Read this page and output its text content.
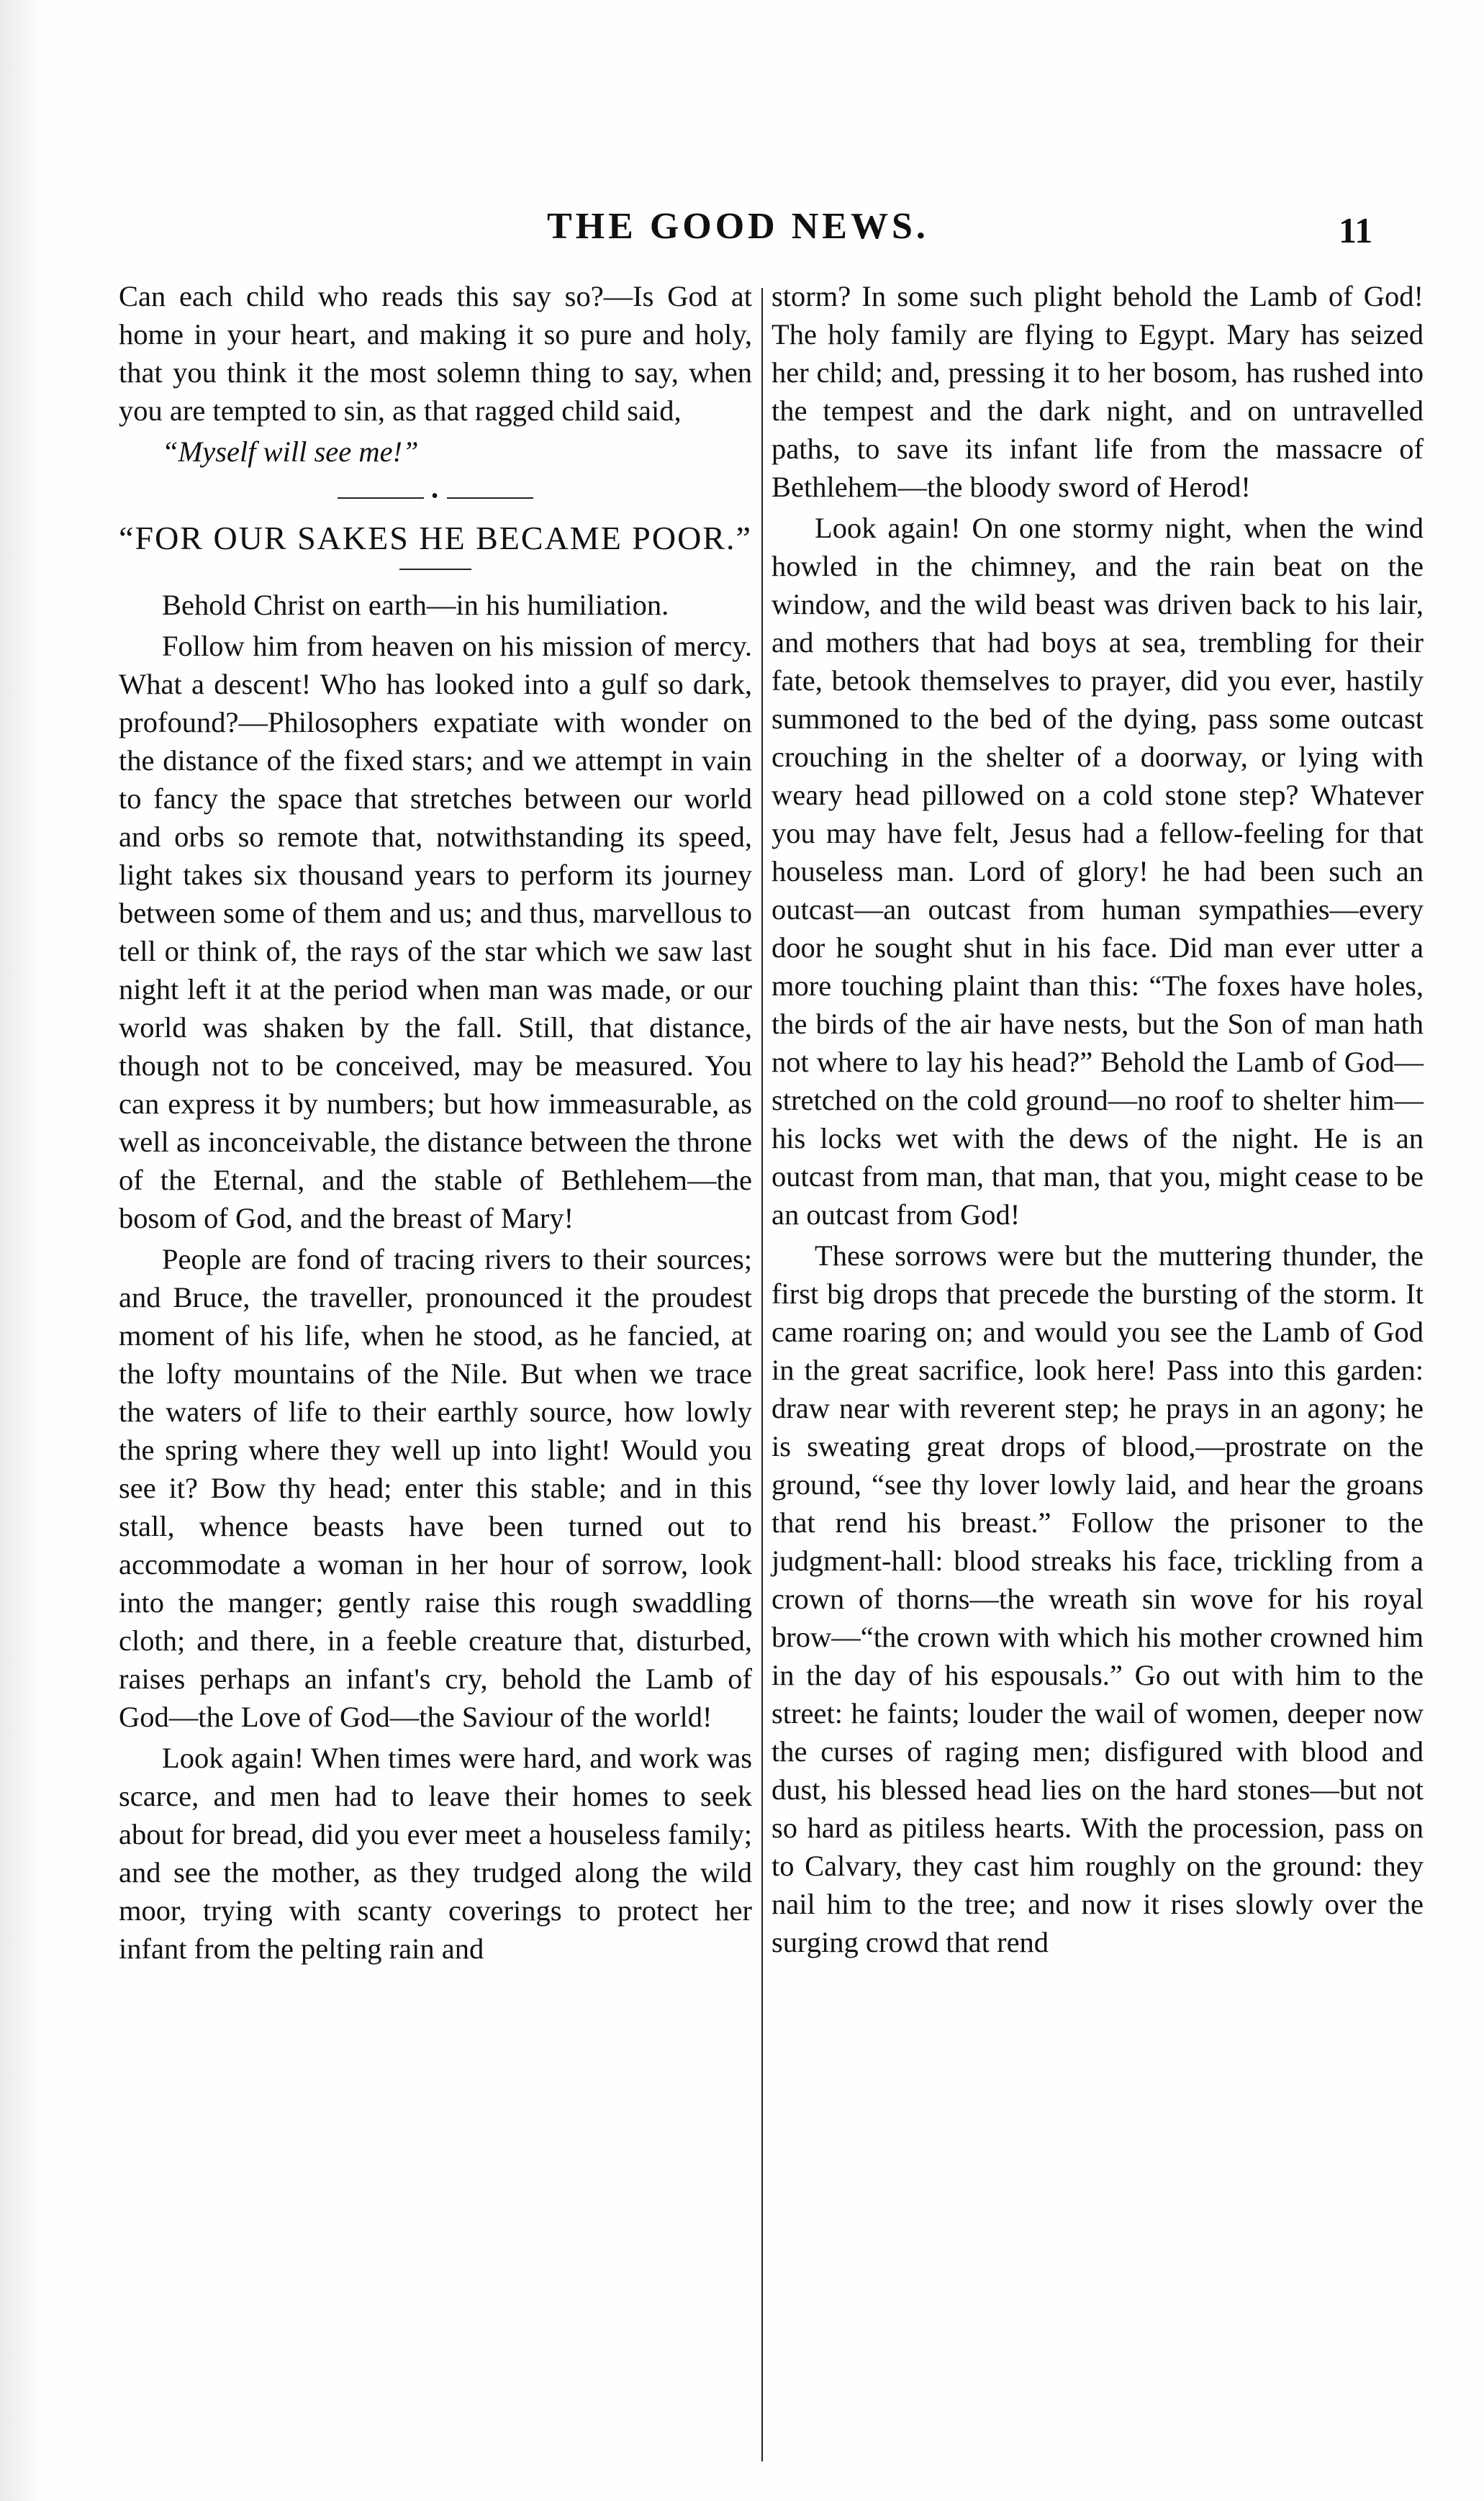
THE GOOD NEWS.	11

Can each child who reads this say so?—Is God at home in your heart, and making it so pure and holy, that you think it the most solemn thing to say, when you are tempted to sin, as that ragged child said,

“Myself will see me!”

•
“FOR OUR SAKES HE BECAME POOR.”

Behold Christ on earth—in his humiliation.

Follow him from heaven on his mission of mercy. What a descent! Who has looked into a gulf so dark, profound?—Philosophers expatiate with wonder on the distance of the fixed stars; and we attempt in vain to fancy the space that stretches between our world and orbs so remote that, notwithstanding its speed, light takes six thousand years to perform its journey between some of them and us; and thus, marvellous to tell or think of, the rays of the star which we saw last night left it at the period when man was made, or our world was shaken by the fall. Still, that distance, though not to be conceived, may be measured. You can express it by numbers; but how immeasurable, as well as inconceivable, the distance between the throne of the Eternal, and the stable of Bethlehem—the bosom of God, and the breast of Mary!

People are fond of tracing rivers to their sources; and Bruce, the traveller, pronounced it the proudest moment of his life, when he stood, as he fancied, at the lofty mountains of the Nile. But when we trace the waters of life to their earthly source, how lowly the spring where they well up into light! Would you see it? Bow thy head; enter this stable; and in this stall, whence beasts have been turned out to accommodate a woman in her hour of sorrow, look into the manger; gently raise this rough swaddling cloth; and there, in a feeble creature that, disturbed, raises perhaps an infant's cry, behold the Lamb of God—the Love of God—the Saviour of the world!

Look again! When times were hard, and work was scarce, and men had to leave their homes to seek about for bread, did you ever meet a houseless family; and see the mother, as they trudged along the wild moor, trying with scanty coverings to protect her infant from the pelting rain and

storm? In some such plight behold the Lamb of God! The holy family are flying to Egypt. Mary has seized her child; and, pressing it to her bosom, has rushed into the tempest and the dark night, and on untravelled paths, to save its infant life from the massacre of Bethlehem—the bloody sword of Herod!

Look again! On one stormy night, when the wind howled in the chimney, and the rain beat on the window, and the wild beast was driven back to his lair, and mothers that had boys at sea, trembling for their fate, betook themselves to prayer, did you ever, hastily summoned to the bed of the dying, pass some outcast crouching in the shelter of a doorway, or lying with weary head pillowed on a cold stone step? Whatever you may have felt, Jesus had a fellow-feeling for that houseless man. Lord of glory! he had been such an outcast—an outcast from human sympathies—every door he sought shut in his face. Did man ever utter a more touching plaint than this: “The foxes have holes, the birds of the air have nests, but the Son of man hath not where to lay his head?” Behold the Lamb of God—stretched on the cold ground—no roof to shelter him—his locks wet with the dews of the night. He is an outcast from man, that man, that you, might cease to be an outcast from God!

These sorrows were but the muttering thunder, the first big drops that precede the bursting of the storm. It came roaring on; and would you see the Lamb of God in the great sacrifice, look here! Pass into this garden: draw near with reverent step; he prays in an agony; he is sweating great drops of blood,—prostrate on the ground, “see thy lover lowly laid, and hear the groans that rend his breast.” Follow the prisoner to the judgment-hall: blood streaks his face, trickling from a crown of thorns—the wreath sin wove for his royal brow—“the crown with which his mother crowned him in the day of his espousals.” Go out with him to the street: he faints; louder the wail of women, deeper now the curses of raging men; disfigured with blood and dust, his blessed head lies on the hard stones—but not so hard as pitiless hearts. With the procession, pass on to Calvary, they cast him roughly on the ground: they nail him to the tree; and now it rises slowly over the surging crowd that rend
